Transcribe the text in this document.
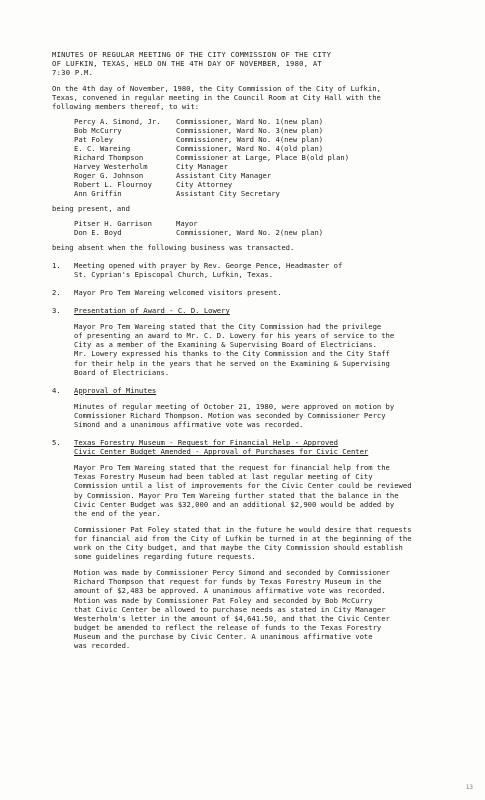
MINUTES OF REGULAR MEETING OF THE CITY COMMISSION OF THE CITY
OF LUFKIN, TEXAS, HELD ON THE 4TH DAY OF NOVEMBER, 1980, AT
7:30 P.M.
On the 4th day of November, 1980, the City Commission of the City of Lufkin,
Texas, convened in regular meeting in the Council Room at City Hall with the
following members thereof, to wit:
Percy A. Simond, Jr.	Commissioner, Ward No. 1(new plan)
Bob McCurry	Commissioner, Ward No. 3(new plan)
Pat Foley	Commissioner, Ward No. 4(new plan)
E. C. Wareing	Commissioner, Ward No. 4(old plan)
Richard Thompson	Commissioner at Large, Place B(old plan)
Harvey Westerholm	City Manager
Roger G. Johnson	Assistant City Manager
Robert L. Flournoy	City Attorney
Ann Griffin	Assistant City Secretary
being present, and
Pitser H. Garrison	Mayor
Don E. Boyd	Commissioner, Ward No. 2(new plan)
being absent when the following business was transacted.
1.	Meeting opened with prayer by Rev. George Pence, Headmaster of
St. Cyprian's Episcopal Church, Lufkin, Texas.
2.	Mayor Pro Tem Wareing welcomed visitors present.
3.	Presentation of Award - C. D. Lowery
Mayor Pro Tem Wareing stated that the City Commission had the privilege
of presenting an award to Mr. C. D. Lowery for his years of service to the
City as a member of the Examining & Supervising Board of Electricians.
Mr. Lowery expressed his thanks to the City Commission and the City Staff
for their help in the years that he served on the Examining & Supervising
Board of Electricians.
4.	Approval of Minutes
Minutes of regular meeting of October 21, 1980, were approved on motion by
Commissioner Richard Thompson. Motion was seconded by Commissioner Percy
Simond and a unanimous affirmative vote was recorded.
5.	Texas Forestry Museum - Request for Financial Help - Approved
Civic Center Budget Amended - Approval of Purchases for Civic Center
Mayor Pro Tem Wareing stated that the request for financial help from the
Texas Forestry Museum had been tabled at last regular meeting of City
Commission until a list of improvements for the Civic Center could be reviewed
by Commission. Mayor Pro Tem Wareing further stated that the balance in the
Civic Center Budget was $32,000 and an additional $2,900 would be added by
the end of the year.
Commissioner Pat Foley stated that in the future he would desire that requests
for financial aid from the City of Lufkin be turned in at the beginning of the
work on the City budget, and that maybe the City Commission should establish
some guidelines regarding future requests.
Motion was made by Commissioner Percy Simond and seconded by Commissioner
Richard Thompson that request for funds by Texas Forestry Museum in the
amount of $2,483 be approved. A unanimous affirmative vote was recorded.
Motion was made by Commissioner Pat Foley and seconded by Bob McCurry
that Civic Center be allowed to purchase needs as stated in City Manager
Westerholm's letter in the amount of $4,641.50, and that the Civic Center
budget be amended to reflect the release of funds to the Texas Forestry
Museum and the purchase by Civic Center. A unanimous affirmative vote
was recorded.
13
